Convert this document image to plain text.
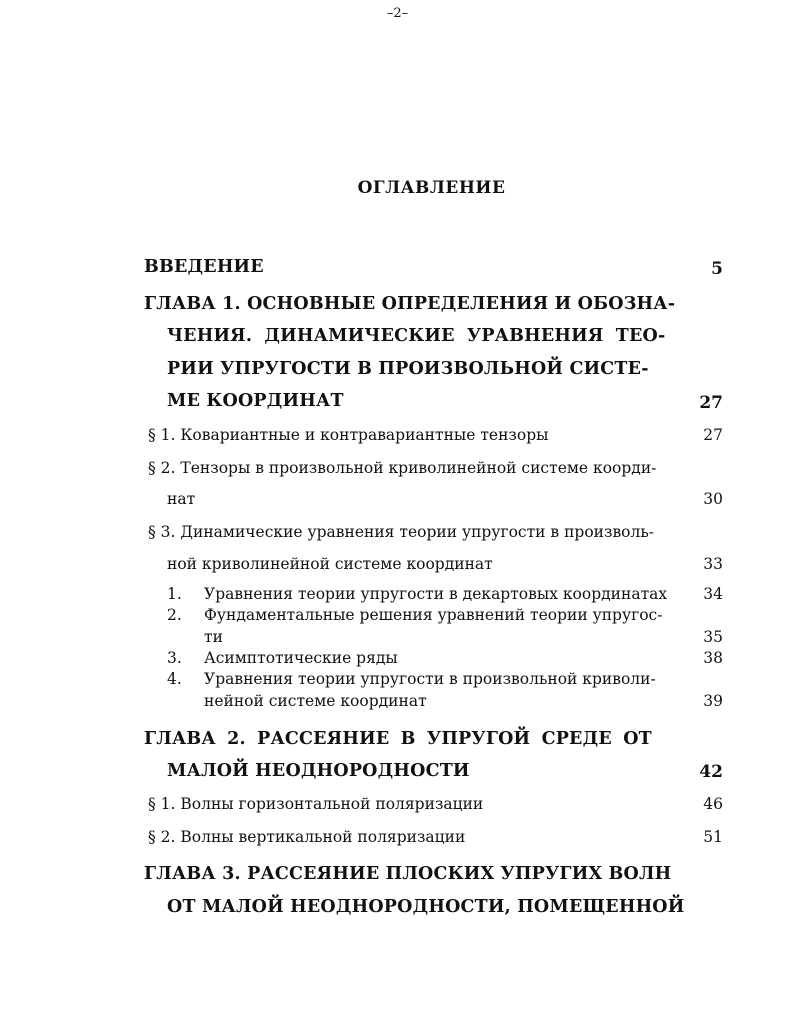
–2–
ОГЛАВЛЕНИЕ
ВВЕДЕНИЕ	5
ГЛАВА 1. ОСНОВНЫЕ ОПРЕДЕЛЕНИЯ И ОБОЗНА-
ЧЕНИЯ. ДИНАМИЧЕСКИЕ УРАВНЕНИЯ ТЕО-
РИИ УПРУГОСТИ В ПРОИЗВОЛЬНОЙ СИСТЕ-
МЕ КООРДИНАТ	27
§ 1. Ковариантные и контравариантные тензоры	27
§ 2. Тензоры в произвольной криволинейной системе коорди-
нат	30
§ 3. Динамические уравнения теории упругости в произволь-
ной криволинейной системе координат	33
1. Уравнения теории упругости в декартовых координатах 34
2. Фундаментальные решения уравнений теории упругос-
ти	35
3. Асимптотические ряды	38
4. Уравнения теории упругости в произвольной криволи-
нейной системе координат	39
ГЛАВА 2. РАССЕЯНИЕ В УПРУГОЙ СРЕДЕ ОТ
МАЛОЙ НЕОДНОРОДНОСТИ	42
§ 1. Волны горизонтальной поляризации	46
§ 2. Волны вертикальной поляризации	51
ГЛАВА 3. РАССЕЯНИЕ ПЛОСКИХ УПРУГИХ ВОЛН
ОТ МАЛОЙ НЕОДНОРОДНОСТИ, ПОМЕЩЕННОЙ
